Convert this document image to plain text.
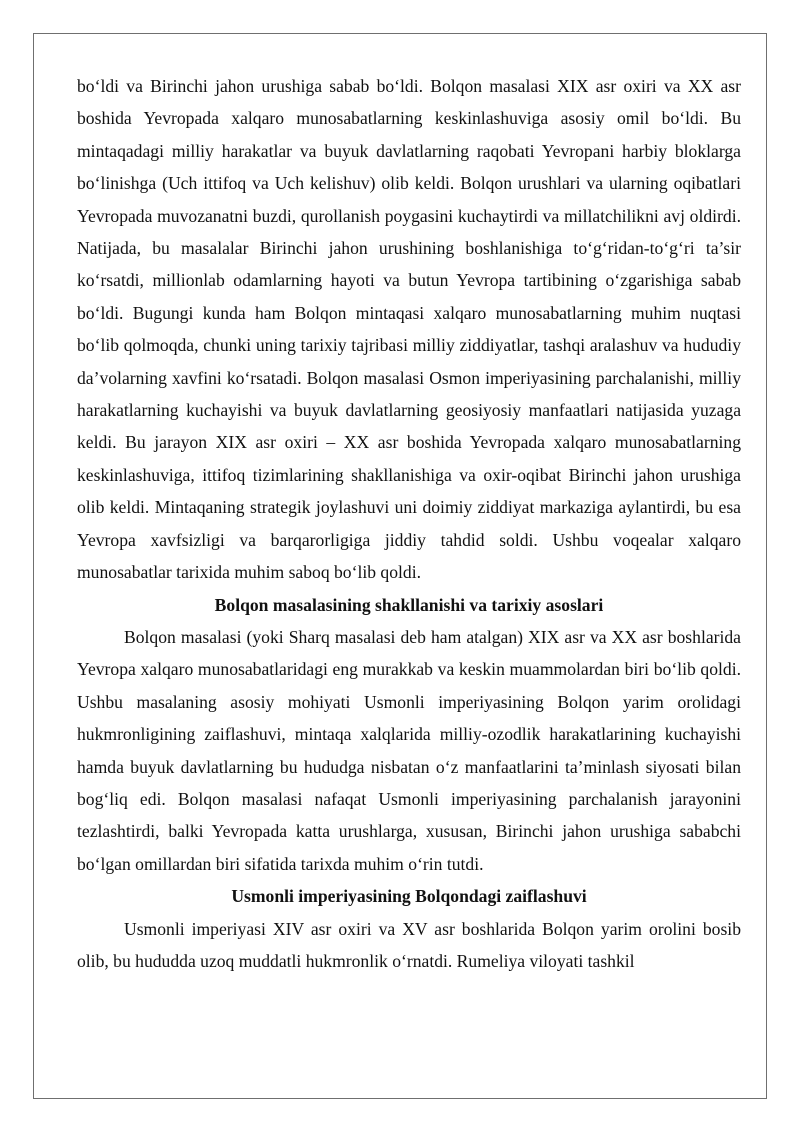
bo‘ldi va Birinchi jahon urushiga sabab bo‘ldi. Bolqon masalasi XIX asr oxiri va XX asr boshida Yevropada xalqaro munosabatlarning keskinlashuviga asosiy omil bo‘ldi. Bu mintaqadagi milliy harakatlar va buyuk davlatlarning raqobati Yevropani harbiy bloklarga bo‘linishga (Uch ittifoq va Uch kelishuv) olib keldi. Bolqon urushlari va ularning oqibatlari Yevropada muvozanatni buzdi, qurollanish poygasini kuchaytirdi va millatchilikni avj oldirdi. Natijada, bu masalalar Birinchi jahon urushining boshlanishiga to‘g‘ridan-to‘g‘ri ta’sir ko‘rsatdi, millionlab odamlarning hayoti va butun Yevropa tartibining o‘zgarishiga sabab bo‘ldi. Bugungi kunda ham Bolqon mintaqasi xalqaro munosabatlarning muhim nuqtasi bo‘lib qolmoqda, chunki uning tarixiy tajribasi milliy ziddiyatlar, tashqi aralashuv va hududiy da’volarning xavfini ko‘rsatadi. Bolqon masalasi Osmon imperiyasining parchalanishi, milliy harakatlarning kuchayishi va buyuk davlatlarning geosiyosiy manfaatlari natijasida yuzaga keldi. Bu jarayon XIX asr oxiri – XX asr boshida Yevropada xalqaro munosabatlarning keskinlashuviga, ittifoq tizimlarining shakllanishiga va oxir-oqibat Birinchi jahon urushiga olib keldi. Mintaqaning strategik joylashuvi uni doimiy ziddiyat markaziga aylantirdi, bu esa Yevropa xavfsizligi va barqarorligiga jiddiy tahdid soldi. Ushbu voqealar xalqaro munosabatlar tarixida muhim saboq bo‘lib qoldi.

Bolqon masalasining shakllanishi va tarixiy asoslari

Bolqon masalasi (yoki Sharq masalasi deb ham atalgan) XIX asr va XX asr boshlarida Yevropa xalqaro munosabatlaridagi eng murakkab va keskin muammolardan biri bo‘lib qoldi. Ushbu masalaning asosiy mohiyati Usmonli imperiyasining Bolqon yarim orolidagi hukmronligining zaiflashuvi, mintaqa xalqlarida milliy-ozodlik harakatlarining kuchayishi hamda buyuk davlatlarning bu hududga nisbatan o‘z manfaatlarini ta’minlash siyosati bilan bog‘liq edi. Bolqon masalasi nafaqat Usmonli imperiyasining parchalanish jarayonini tezlashtirdi, balki Yevropada katta urushlarga, xususan, Birinchi jahon urushiga sababchi bo‘lgan omillardan biri sifatida tarixda muhim o‘rin tutdi.

Usmonli imperiyasining Bolqondagi zaiflashuvi

Usmonli imperiyasi XIV asr oxiri va XV asr boshlarida Bolqon yarim orolini bosib olib, bu hududda uzoq muddatli hukmronlik o‘rnatdi. Rumeliya viloyati tashkil
